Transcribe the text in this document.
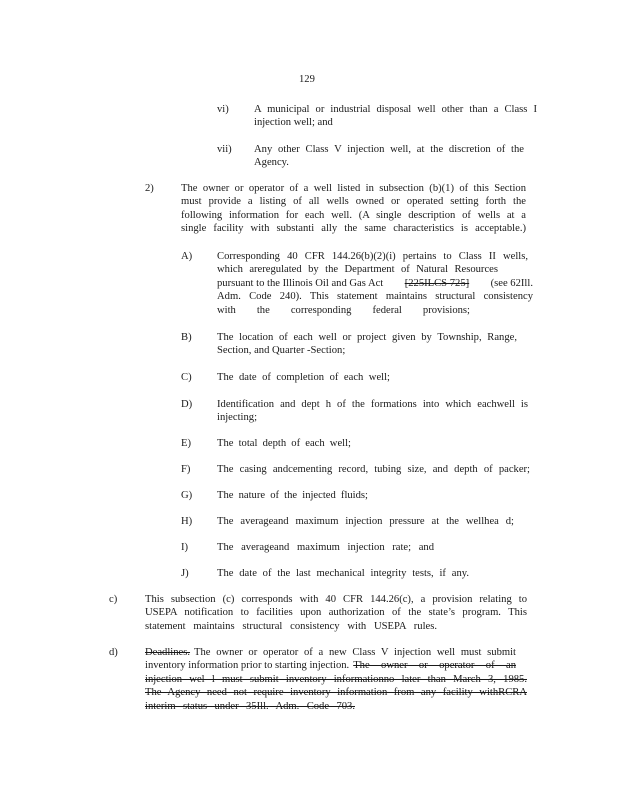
129
vi) A municipal or industrial disposal well other than a Class I
injection well; and
vii) Any other Class V injection well, at the discretion of the
Agency.
2)	The owner or operator of a well listed in subsection (b)(1) of this Section
must provide a listing of all wells owned or operated setting forth the
following information for each well. (A single description of wells at a
single facility with substanti ally the same characteristics is acceptable.)
A) Corresponding 40 CFR 144.26(b)(2)(i) pertains to Class II wells,
which areregulated by the Department of Natural Resources
pursuant to the Illinois Oil and Gas Act [225ILCS 725] (see 62Ill.
Adm. Code 240). This statement maintains structural consistency
with the corresponding federal provisions;
B) The location of each well or project given by Township, Range,
Section, and Quarter -Section;
C) The date of completion of each well;
D) Identification and dept h of the formations into which eachwell is
injecting;
E) The total depth of each well;
F)	The casing andcementing record, tubing size, and depth of packer;
G) The nature of the injected fluids;
H) The averageand maximum injection pressure at the wellhea d;
I)	The averageand maximum injection rate; and
J)	The date of the last mechanical integrity tests, if any.
c)	This subsection (c) corresponds with 40 CFR 144.26(c), a provision relating to
USEPA notification to facilities upon authorization of the state’s program. This
statement maintains structural consistency with USEPA rules.
d)	Deadlines. The owner or operator of a new Class V injection well must submit
inventory information prior to starting injection. The owner or operator of an
injection wel l must submit inventory informationno later than March 3, 1985.
The Agency need not require inventory information from any facility withRCRA
interim status under 35Ill. Adm. Code 703.
